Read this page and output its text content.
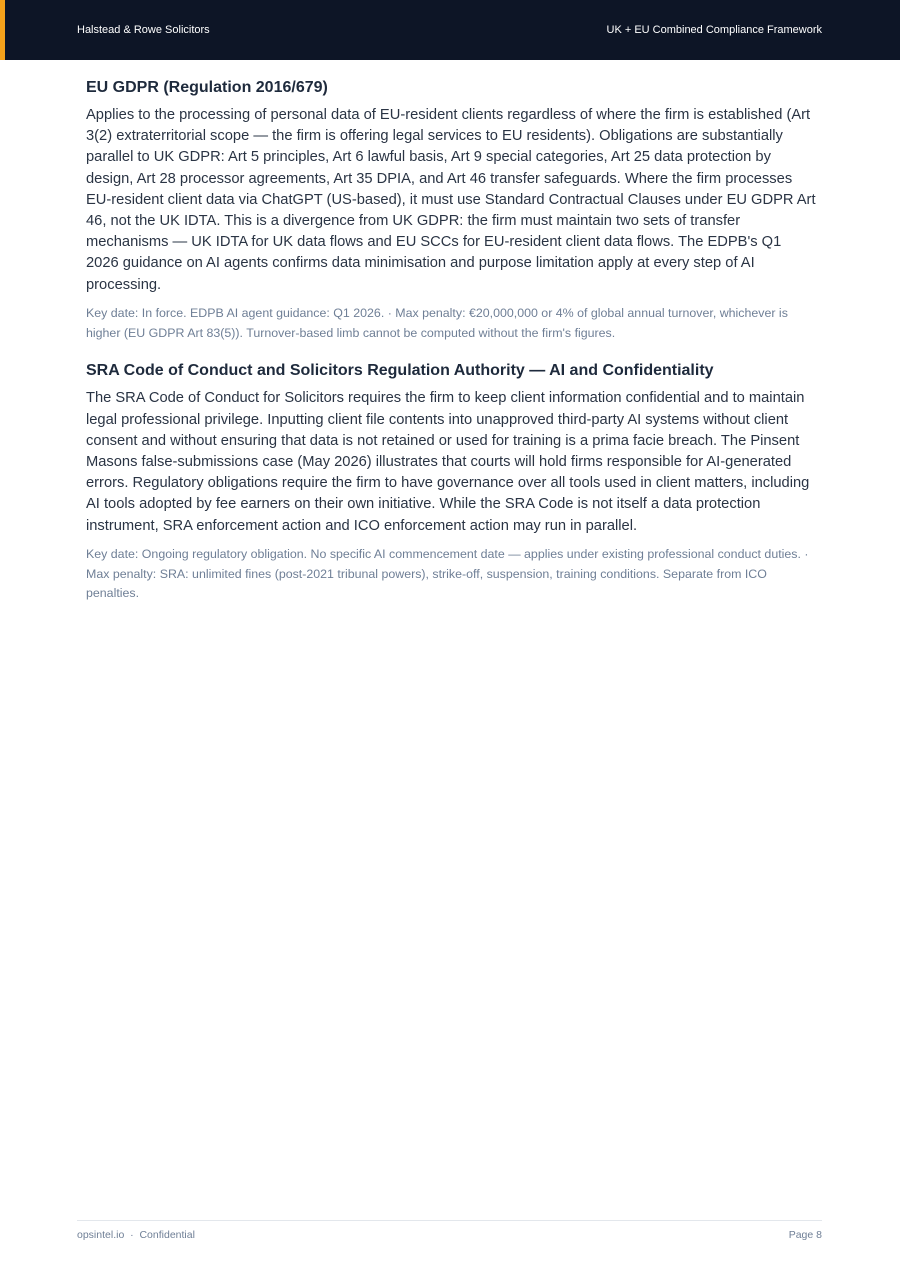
Halstead & Rowe Solicitors	UK + EU Combined Compliance Framework
EU GDPR (Regulation 2016/679)

Applies to the processing of personal data of EU-resident clients regardless of where the firm is established (Art 3(2) extraterritorial scope — the firm is offering legal services to EU residents). Obligations are substantially parallel to UK GDPR: Art 5 principles, Art 6 lawful basis, Art 9 special categories, Art 25 data protection by design, Art 28 processor agreements, Art 35 DPIA, and Art 46 transfer safeguards. Where the firm processes EU-resident client data via ChatGPT (US-based), it must use Standard Contractual Clauses under EU GDPR Art 46, not the UK IDTA. This is a divergence from UK GDPR: the firm must maintain two sets of transfer mechanisms — UK IDTA for UK data flows and EU SCCs for EU-resident client data flows. The EDPB's Q1 2026 guidance on AI agents confirms data minimisation and purpose limitation apply at every step of AI processing.

Key date: In force. EDPB AI agent guidance: Q1 2026. · Max penalty: €20,000,000 or 4% of global annual turnover, whichever is higher (EU GDPR Art 83(5)). Turnover-based limb cannot be computed without the firm's figures.

SRA Code of Conduct and Solicitors Regulation Authority — AI and Confidentiality

The SRA Code of Conduct for Solicitors requires the firm to keep client information confidential and to maintain legal professional privilege. Inputting client file contents into unapproved third-party AI systems without client consent and without ensuring that data is not retained or used for training is a prima facie breach. The Pinsent Masons false-submissions case (May 2026) illustrates that courts will hold firms responsible for AI-generated errors. Regulatory obligations require the firm to have governance over all tools used in client matters, including AI tools adopted by fee earners on their own initiative. While the SRA Code is not itself a data protection instrument, SRA enforcement action and ICO enforcement action may run in parallel.

Key date: Ongoing regulatory obligation. No specific AI commencement date — applies under existing professional conduct duties. · Max penalty: SRA: unlimited fines (post-2021 tribunal powers), strike-off, suspension, training conditions. Separate from ICO penalties.

opsintel.io · Confidential	Page 8
